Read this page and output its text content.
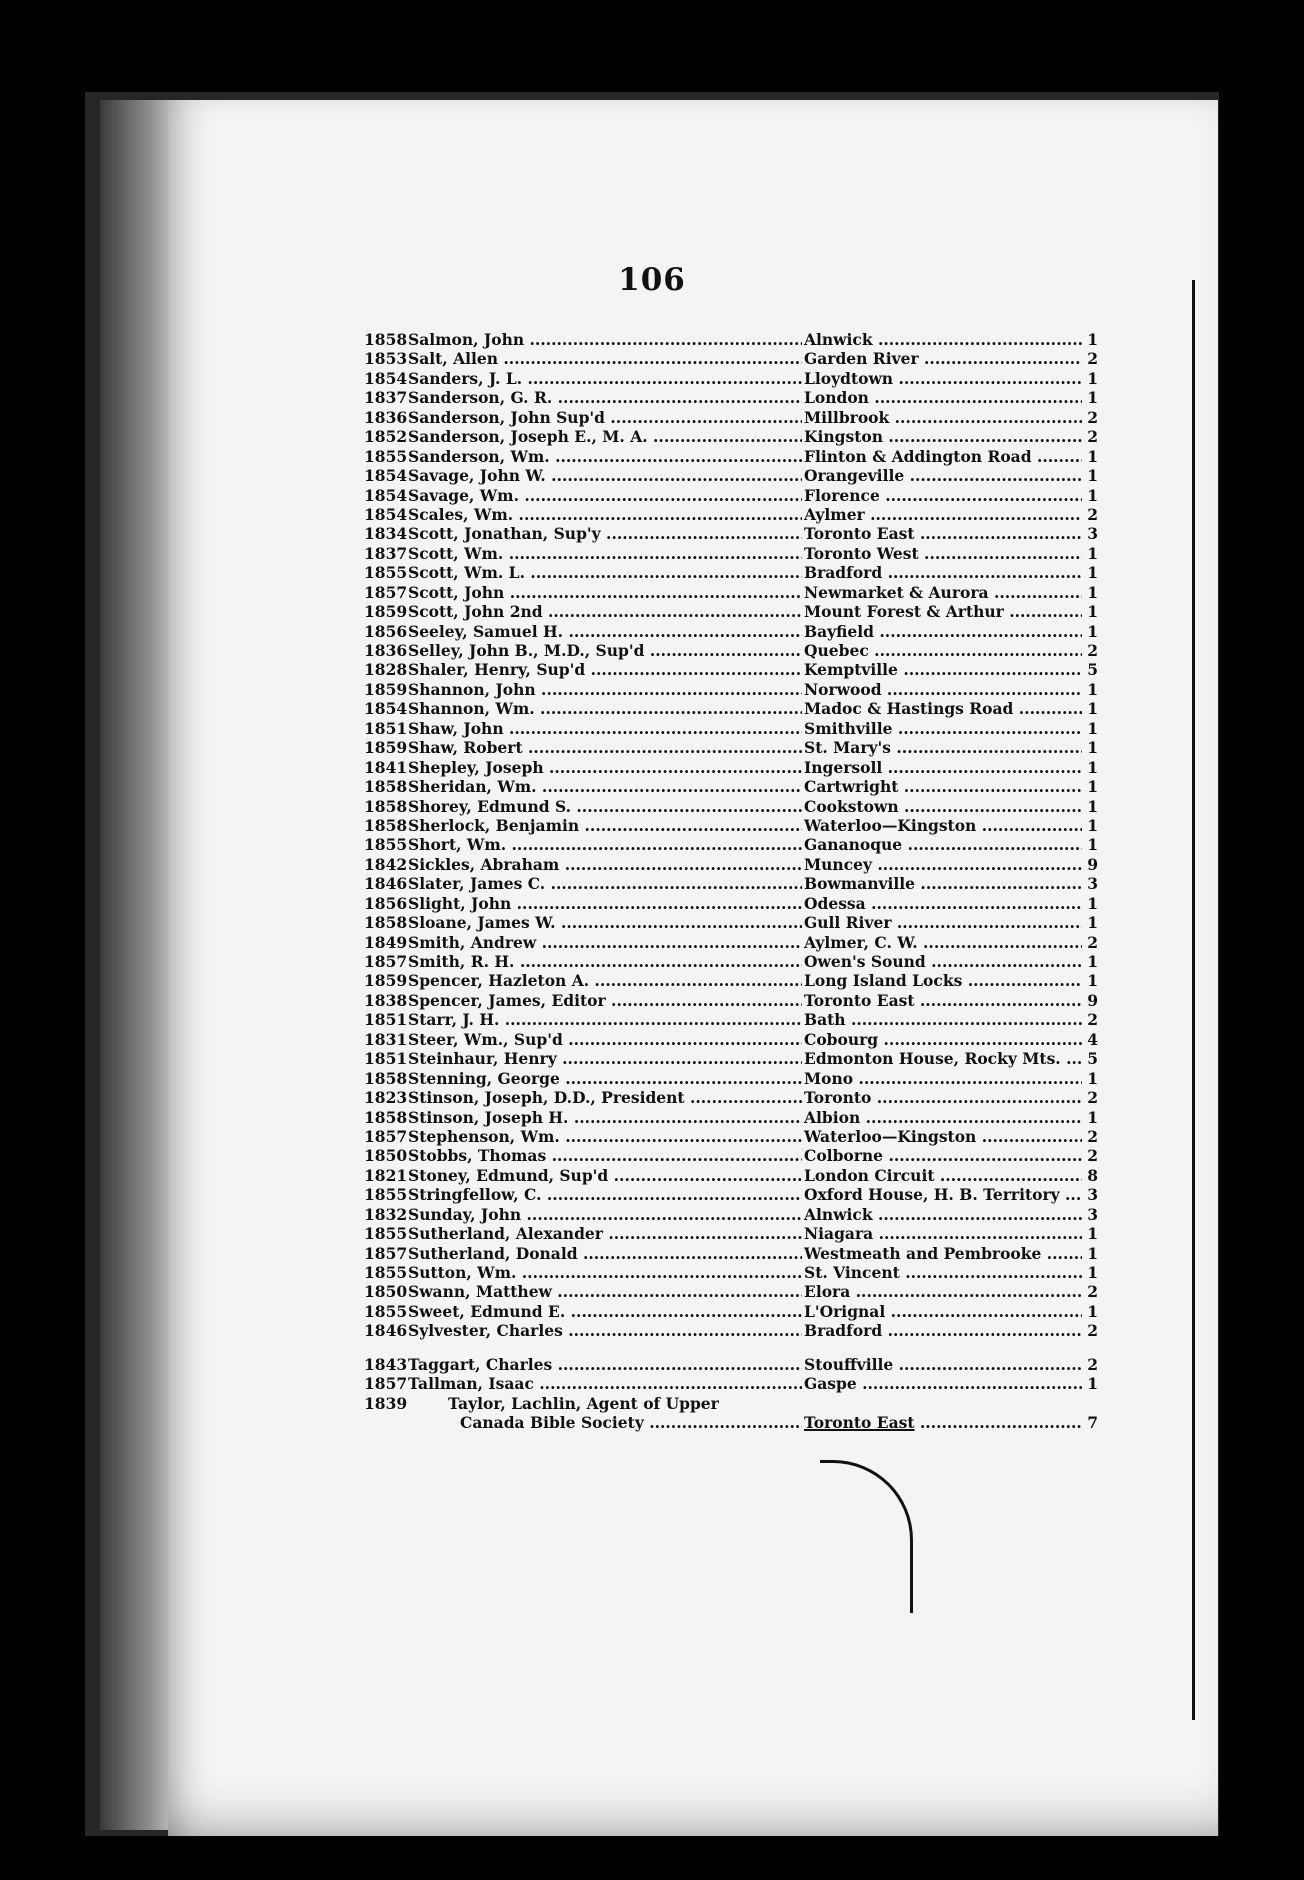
106
1858 Salmon, John .....	Alnwick .....	1
1853 Salt, Allen .....	Garden River .....	2
1854 Sanders, J. L. .....	Lloydtown .....	1
1837 Sanderson, G. R. .....	London .....	1
1836 Sanderson, John Sup'd .....	Millbrook .....	2
1852 Sanderson, Joseph E., M. A. .....	Kingston .....	2
1855 Sanderson, Wm. .....	Flinton & Addington Road .....	1
1854 Savage, John W. .....	Orangeville .....	1
1854 Savage, Wm. .....	Florence .....	1
1854 Scales, Wm. .....	Aylmer .....	2
1834 Scott, Jonathan, Sup'y .....	Toronto East .....	3
1837 Scott, Wm. .....	Toronto West .....	1
1855 Scott, Wm. L. .....	Bradford .....	1
1857 Scott, John .....	Newmarket & Aurora .....	1
1859 Scott, John 2nd .....	Mount Forest & Arthur .....	1
1856 Seeley, Samuel H. .....	Bayfield .....	1
1836 Selley, John B., M.D., Sup'd .....	Quebec .....	2
1828 Shaler, Henry, Sup'd .....	Kemptville .....	5
1859 Shannon, John .....	Norwood .....	1
1854 Shannon, Wm. .....	Madoc & Hastings Road .....	1
1851 Shaw, John .....	Smithville .....	1
1859 Shaw, Robert .....	St. Mary's .....	1
1841 Shepley, Joseph .....	Ingersoll .....	1
1858 Sheridan, Wm. .....	Cartwright .....	1
1858 Shorey, Edmund S. .....	Cookstown .....	1
1858 Sherlock, Benjamin .....	Waterloo—Kingston .....	1
1855 Short, Wm. .....	Gananoque .....	1
1842 Sickles, Abraham .....	Muncey .....	9
1846 Slater, James C. .....	Bowmanville .....	3
1856 Slight, John .....	Odessa .....	1
1858 Sloane, James W. .....	Gull River .....	1
1849 Smith, Andrew .....	Aylmer, C. W. .....	2
1857 Smith, R. H. .....	Owen's Sound .....	1
1859 Spencer, Hazleton A. .....	Long Island Locks .....	1
1838 Spencer, James, Editor .....	Toronto East .....	9
1851 Starr, J. H. .....	Bath .....	2
1831 Steer, Wm., Sup'd .....	Cobourg .....	4
1851 Steinhaur, Henry .....	Edmonton House, Rocky Mts. .....	5
1858 Stenning, George .....	Mono .....	1
1823 Stinson, Joseph, D.D., President .....	Toronto .....	2
1858 Stinson, Joseph H. .....	Albion .....	1
1857 Stephenson, Wm. .....	Waterloo—Kingston .....	2
1850 Stobbs, Thomas .....	Colborne .....	2
1821 Stoney, Edmund, Sup'd .....	London Circuit .....	8
1855 Stringfellow, C. .....	Oxford House, H. B. Territory .....	3
1832 Sunday, John .....	Alnwick .....	3
1855 Sutherland, Alexander .....	Niagara .....	1
1857 Sutherland, Donald .....	Westmeath and Pembrooke .....	1
1855 Sutton, Wm. .....	St. Vincent .....	1
1850 Swann, Matthew .....	Elora .....	2
1855 Sweet, Edmund E. .....	L'Orignal .....	1
1846 Sylvester, Charles .....	Bradford .....	2
1843 Taggart, Charles .....	Stouffville .....	2
1857 Tallman, Isaac .....	Gaspe .....	1
1839	Taylor, Lachlin, Agent of Upper
Canada Bible Society .....	Toronto East .....	7
